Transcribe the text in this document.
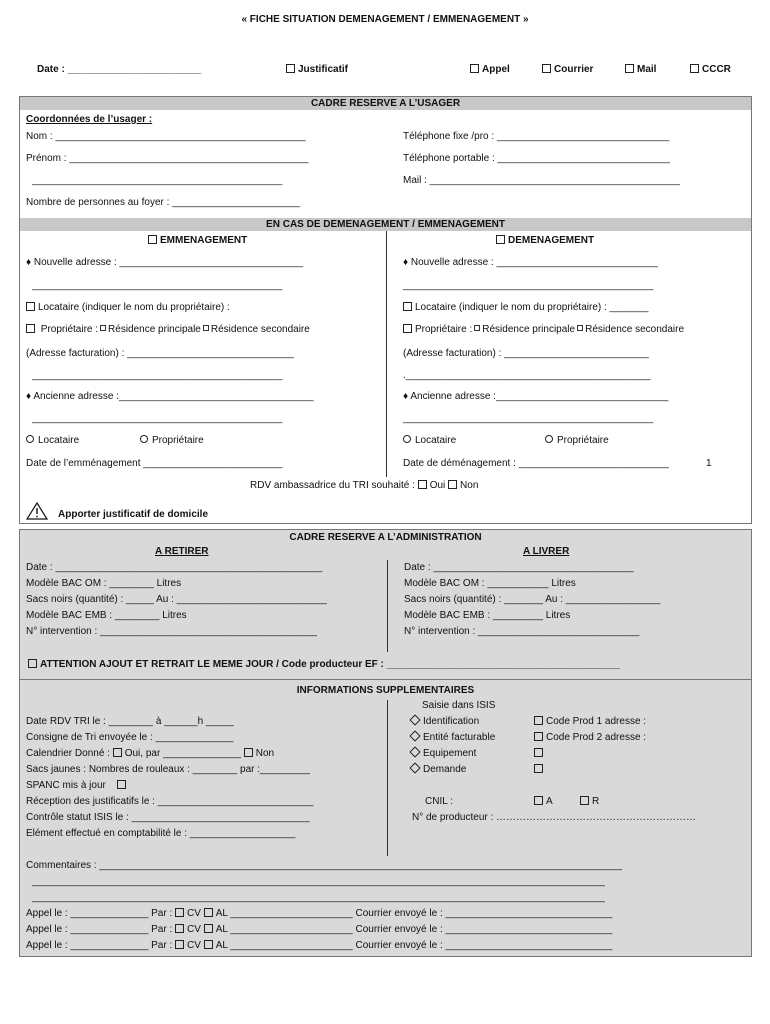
« FICHE SITUATION DEMENAGEMENT / EMMENAGEMENT »
Date : ________________________	Justificatif	Appel	Courrier	Mail	CCCR
CADRE RESERVE A L’USAGER
Coordonnées de l’usager :
Nom : _____________________________________________
Prénom : ___________________________________________
_____________________________________________
Nombre de personnes au foyer : _______________________
Téléphone fixe /pro : _______________________________
Téléphone portable : _______________________________
Mail : _____________________________________________
EN CAS DE DEMENAGEMENT / EMMENAGEMENT
EMMENAGEMENT
♦ Nouvelle adresse : _________________________________
_____________________________________________
Locataire (indiquer le nom du propriétaire) :
Propriétaire : Résidence principale Résidence secondaire
(Adresse facturation) : ______________________________
_____________________________________________
♦ Ancienne adresse :___________________________________
_____________________________________________
Locataire	Propriétaire
Date de l’emménagement _________________________
DEMENAGEMENT
♦ Nouvelle adresse : _____________________________
_____________________________________________
Locataire (indiquer le nom du propriétaire) : _______
Propriétaire : Résidence principale Résidence secondaire
(Adresse facturation) : __________________________
.____________________________________________
♦ Ancienne adresse :_______________________________
_____________________________________________
Locataire	Propriétaire
Date de déménagement : ___________________________	1
RDV ambassadrice du TRI souhaité : Oui Non
Apporter justificatif de domicile
CADRE RESERVE A L’ADMINISTRATION
A RETIRER
Date : ________________________________________________
Modèle BAC OM : ________ Litres
Sacs noirs (quantité) : _____ Au : ___________________________
Modèle BAC EMB : ________ Litres
N° intervention : _______________________________________
A LIVRER
Date : ____________________________________
Modèle BAC OM : ___________ Litres
Sacs noirs (quantité) : _______ Au : _________________
Modèle BAC EMB : _________ Litres
N° intervention : _____________________________
ATTENTION AJOUT ET RETRAIT LE MEME JOUR / Code producteur EF : __________________________________________
INFORMATIONS SUPPLEMENTAIRES
Date RDV TRI le : ________ à ______h _____
Consigne de Tri envoyée le : ______________
Calendrier Donné : Oui, par ______________ Non
Sacs jaunes : Nombres de rouleaux : ________ par :_________
SPANC mis à jour
Réception des justificatifs le : ____________________________
Contrôle statut ISIS le : ________________________________
Elément effectué en comptabilité le : ___________________
Saisie dans ISIS
Identification
Entité facturable
Equipement
Demande
Code Prod 1 adresse :
Code Prod 2 adresse :
CNIL :	A	R
N° de producteur : ……………………………………………………
Commentaires : ______________________________________________________________________________________________
_______________________________________________________________________________________________________
_______________________________________________________________________________________________________
Appel le : ______________ Par : CV AL ______________________ Courrier envoyé le : ______________________________
Appel le : ______________ Par : CV AL ______________________ Courrier envoyé le : ______________________________
Appel le : ______________ Par : CV AL ______________________ Courrier envoyé le : ______________________________
